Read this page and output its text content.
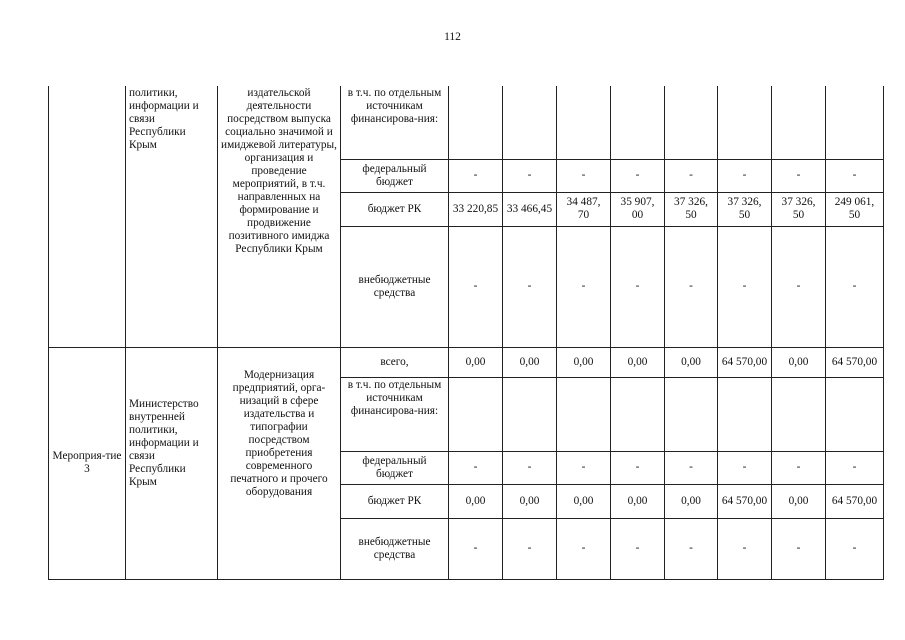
112
	политики, информации и связи Республики Крым	издательской деятельности посредством выпуска социально значимой и имиджевой литературы, организация и проведение мероприятий, в т.ч. направленных на формирование и продвижение позитивного имиджа Республики Крым	в т.ч. по отдельным источникам финансирова-ния:								
			федеральный бюджет	-	-	-	-	-	-	-	-
			бюджет РК	33 220,85	33 466,45	34 487, 70	35 907, 00	37 326, 50	37 326, 50	37 326, 50	249 061, 50
			внебюджетные средства	-	-	-	-	-	-	-	-
Мероприя-тие 3	Министерство внутренней политики, информации и связи Республики Крым	Модернизация предприятий, орга-низаций в сфере издательства и типографии посредством приобретения современного печатного и прочего оборудования	всего,	0,00	0,00	0,00	0,00	0,00	64 570,00	0,00	64 570,00
			в т.ч. по отдельным источникам финансирова-ния:								
			федеральный бюджет	-	-	-	-	-	-	-	-
			бюджет РК	0,00	0,00	0,00	0,00	0,00	64 570,00	0,00	64 570,00
			внебюджетные средства	-	-	-	-	-	-	-	-
